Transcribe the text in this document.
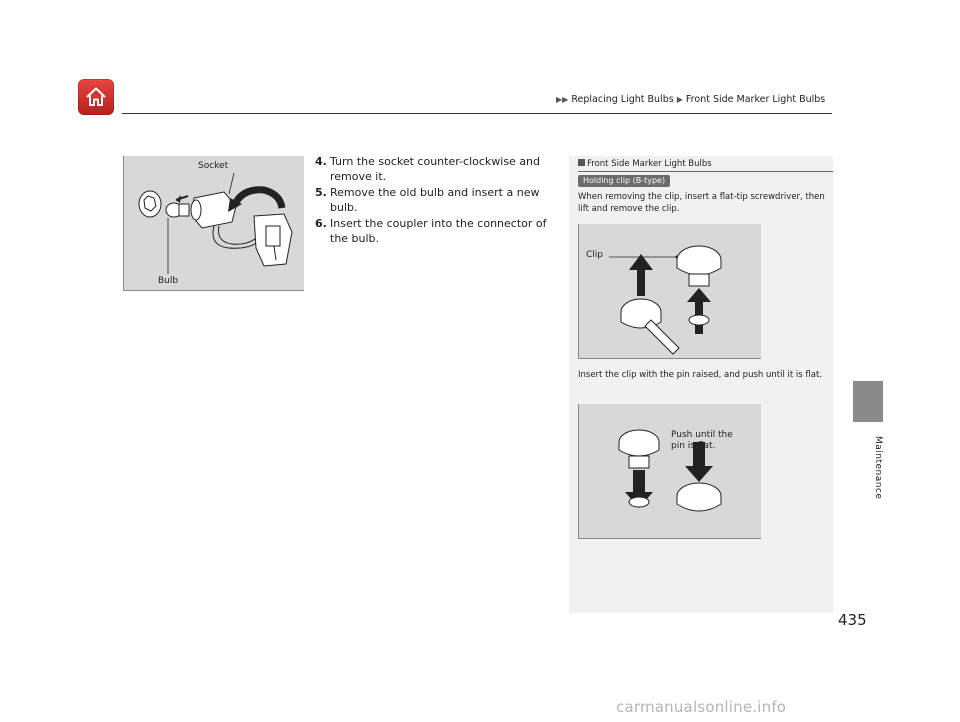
▶▶ Replacing Light Bulbs ▶ Front Side Marker Light Bulbs
Maintenance
Socket
Bulb
4. Turn the socket counter-clockwise and remove it.
5. Remove the old bulb and insert a new bulb.
6. Insert the coupler into the connector of the bulb.
Front Side Marker Light Bulbs
Holding clip (B-type)
When removing the clip, insert a flat-tip screwdriver, then lift and remove the clip.
Clip
Insert the clip with the pin raised, and push until it is flat.
Push until the
pin is flat.
435
carmanualsonline.info
